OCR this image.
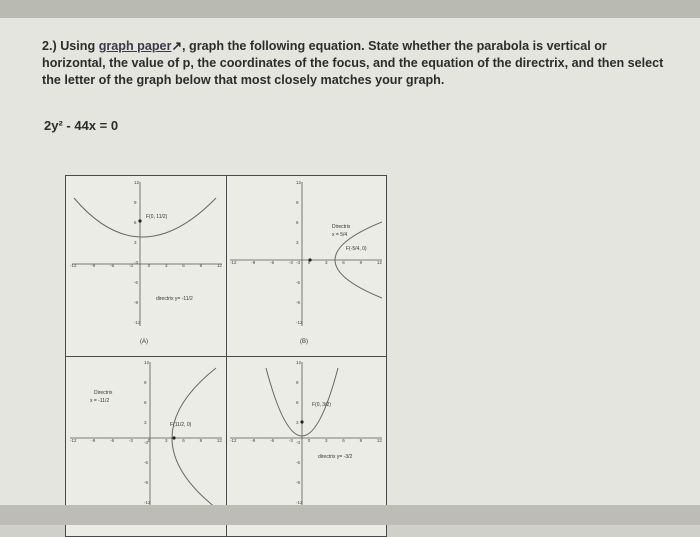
2.) Using graph paper↗, graph the following equation. State whether the parabola is vertical or horizontal, the value of p, the coordinates of the focus, and the equation of the directrix, and then select the letter of the graph below that most closely matches your graph.
2y² - 44x = 0
F(0, 11/2)
directrix y= -11/2
(A)
-12	-9	-6	-3	0	3	6	9	12
12
9
6
3
-3
-6
-9
-12
Directrix
x = 5/4
F(-5/4, 0)
(B)
-12	-9	-6	-3	0	3	6	9	12
12
9
6
3
-3
-6
-9
-12
Directrix
x = -11/2
F(11/2, 0)
-12	-9	-6	-3	0	3	6	9	12
12
9
6
3
-3
-6
-9
-12
F(0, 3/2)
directrix y= -3/2
-12	-9	-6	-3	0	3	6	9	12
12
9
6
3
-3
-6
-9
-12
